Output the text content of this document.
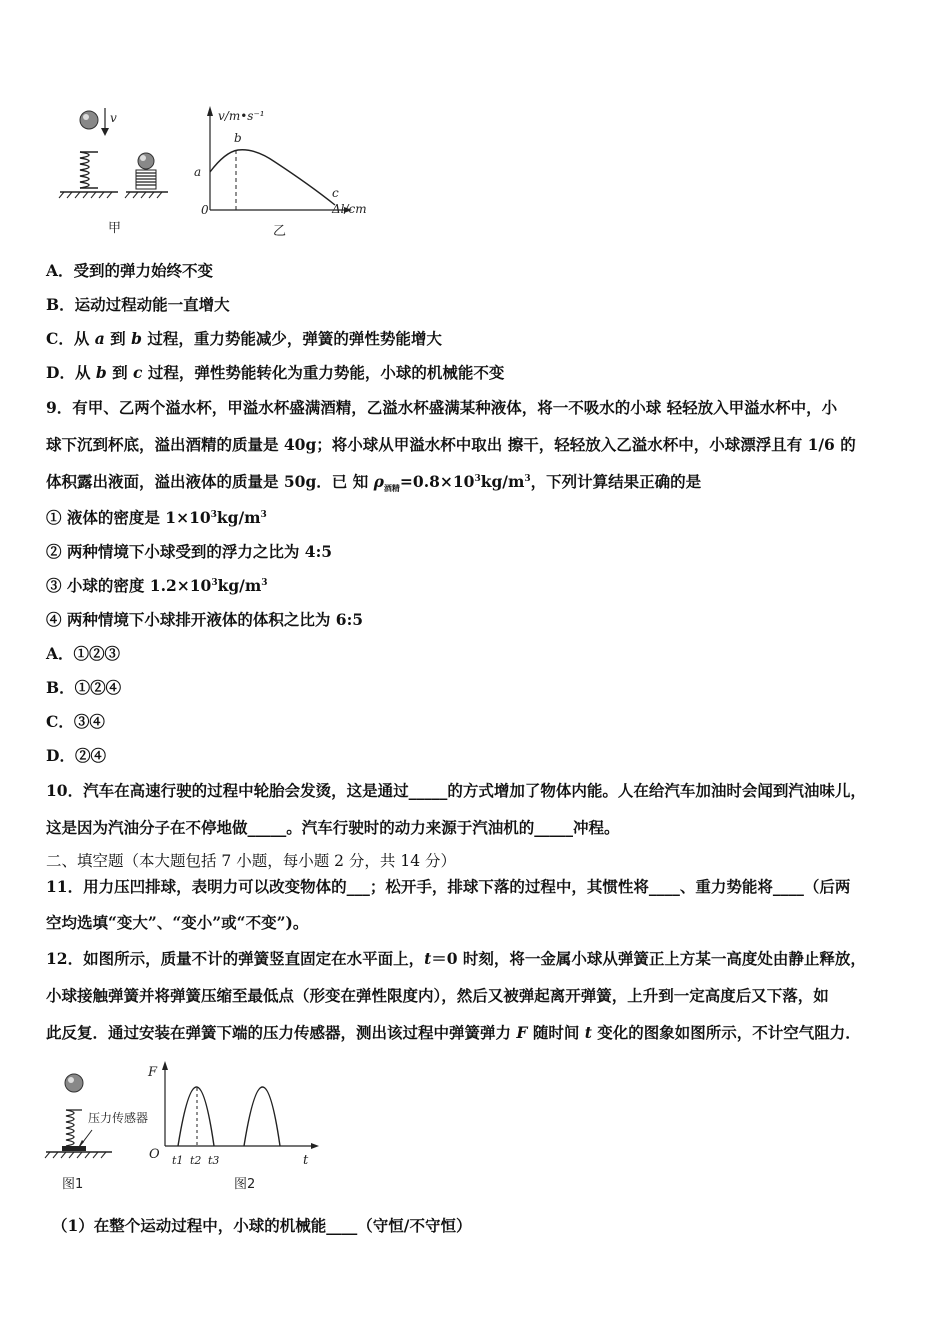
v
甲
v/m•s⁻¹
Δl/cm
0
a
b
c
乙
A．受到的弹力始终不变
B．运动过程动能一直增大
C．从 a 到 b 过程，重力势能减少，弹簧的弹性势能增大
D．从 b 到 c 过程，弹性势能转化为重力势能，小球的机械能不变
9．有甲、乙两个溢水杯，甲溢水杯盛满酒精，乙溢水杯盛满某种液体，将一不吸水的小球 轻轻放入甲溢水杯中，小
球下沉到杯底，溢出酒精的质量是 40g；将小球从甲溢水杯中取出 擦干，轻轻放入乙溢水杯中，小球漂浮且有 1/6 的
体积露出液面，溢出液体的质量是 50g．已 知 $\rho_{酒精}=0.8\times 10^3kg/m^3$，下列计算结果正确的是
① 液体的密度是 $1\times 10^3kg/m^3$
② 两种情境下小球受到的浮力之比为 4:5
③ 小球的密度 $1.2\times 10^3kg/m^3$
④ 两种情境下小球排开液体的体积之比为 6:5
A．①②③
B．①②④
C．③④
D．②④
10．汽车在高速行驶的过程中轮胎会发烫，这是通过_____的方式增加了物体内能。人在给汽车加油时会闻到汽油味儿，
这是因为汽油分子在不停地做_____。汽车行驶时的动力来源于汽油机的_____冲程。
二、填空题（本大题包括 7 小题，每小题 2 分，共 14 分）
11．用力压凹排球，表明力可以改变物体的___；松开手，排球下落的过程中，其惯性将____、重力势能将____（后两
空均选填“变大”、“变小”或“不变”)。
12．如图所示，质量不计的弹簧竖直固定在水平面上，t＝0 时刻，将一金属小球从弹簧正上方某一高度处由静止释放，
小球接触弹簧并将弹簧压缩至最低点（形变在弹性限度内），然后又被弹起离开弹簧，上升到一定高度后又下落，如
此反复．通过安装在弹簧下端的压力传感器，测出该过程中弹簧弹力 F 随时间 t 变化的图象如图所示，不计空气阻力．
压力传感器
图1
F
t
O t1 t2 t3
图2
（1）在整个运动过程中，小球的机械能____（守恒/不守恒）
